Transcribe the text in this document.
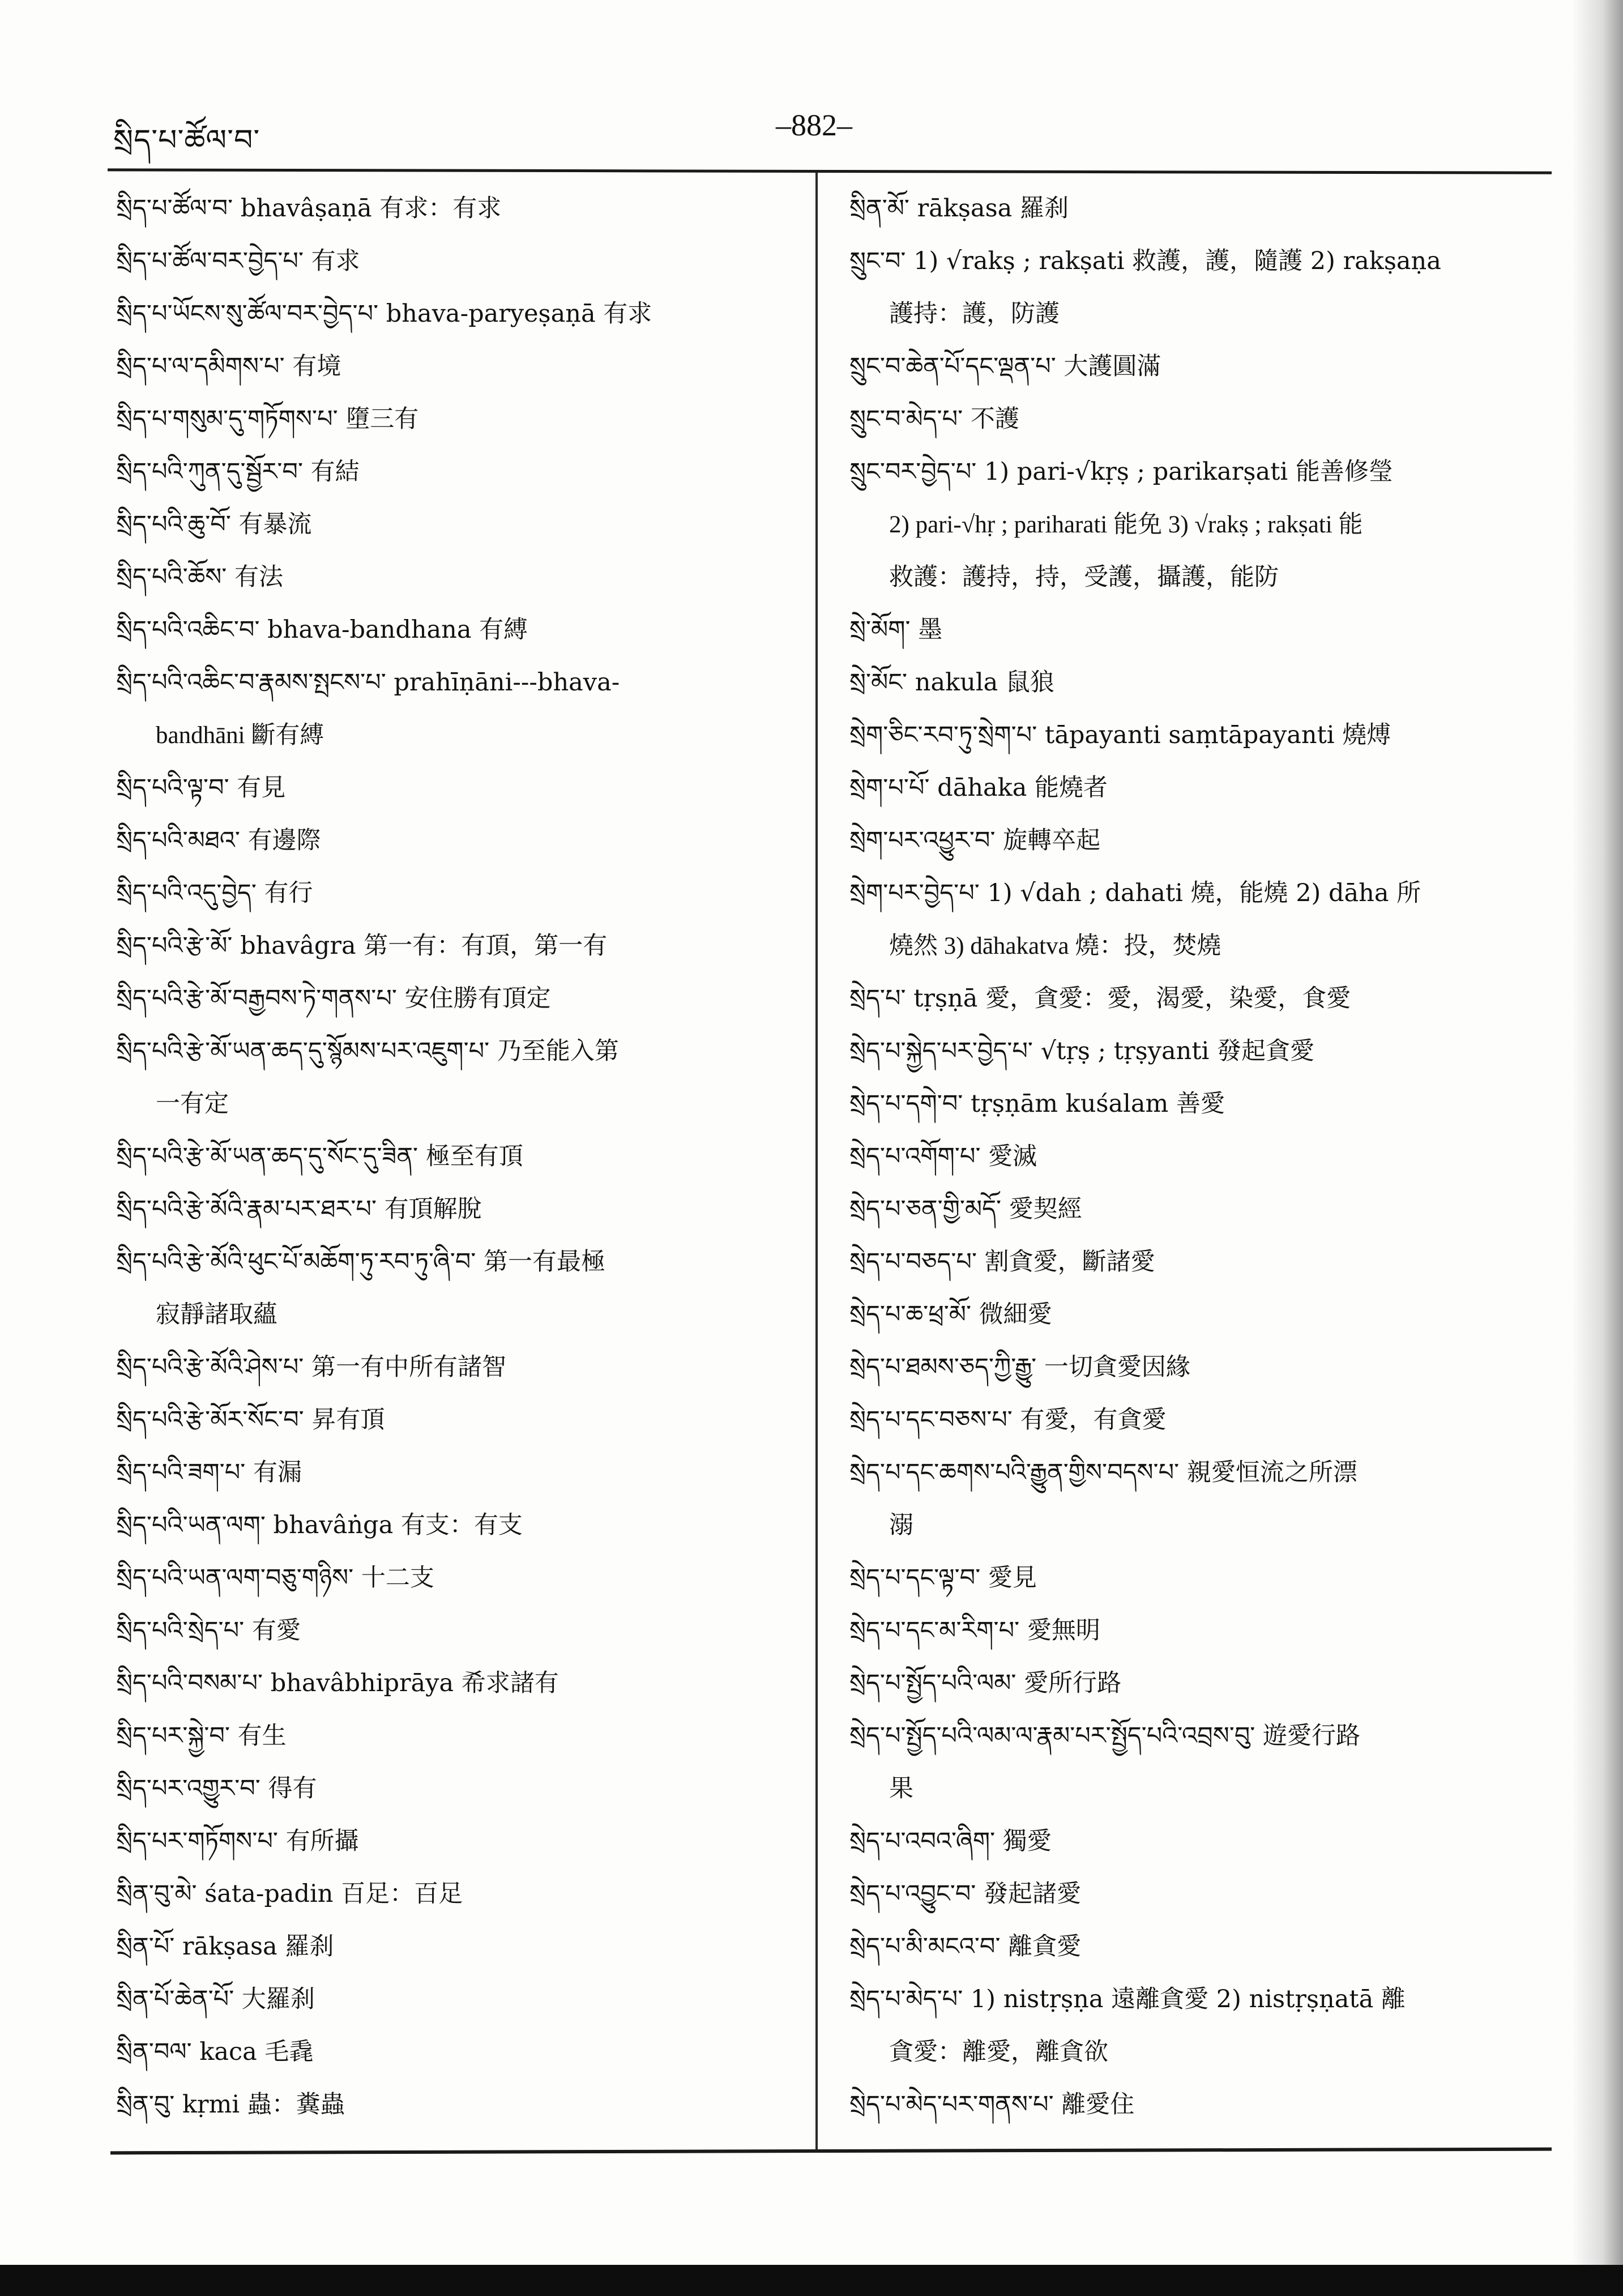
སྲིད་པ་ཚོལ་བ་	–882–
སྲིད་པ་ཚོལ་བ་ bhavâṣaṇā 有求：有求
སྲིད་པ་ཚོལ་བར་བྱེད་པ་ 有求
སྲིད་པ་ཡོངས་སུ་ཚོལ་བར་བྱེད་པ་ bhava-paryeṣaṇā 有求
སྲིད་པ་ལ་དམིགས་པ་ 有境
སྲིད་པ་གསུམ་དུ་གཏོགས་པ་ 墮三有
སྲིད་པའི་ཀུན་དུ་སྦྱོར་བ་ 有結
སྲིད་པའི་ཆུ་བོ་ 有暴流
སྲིད་པའི་ཆོས་ 有法
སྲིད་པའི་འཆིང་བ་ bhava-bandhana 有縛
སྲིད་པའི་འཆིང་བ་རྣམས་སྤངས་པ་ prahīṇāni---bhava-
bandhāni 斷有縛
སྲིད་པའི་ལྟ་བ་ 有見
སྲིད་པའི་མཐའ་ 有邊際
སྲིད་པའི་འདུ་བྱེད་ 有行
སྲིད་པའི་རྩེ་མོ་ bhavâgra 第一有：有頂，第一有
སྲིད་པའི་རྩེ་མོ་བརྒྱབས་ཏེ་གནས་པ་ 安住勝有頂定
སྲིད་པའི་རྩེ་མོ་ཡན་ཆད་དུ་སྙོམས་པར་འཇུག་པ་ 乃至能入第
一有定
སྲིད་པའི་རྩེ་མོ་ཡན་ཆད་དུ་སོང་དུ་ཟིན་ 極至有頂
སྲིད་པའི་རྩེ་མོའི་རྣམ་པར་ཐར་པ་ 有頂解脫
སྲིད་པའི་རྩེ་མོའི་ཕུང་པོ་མཆོག་ཏུ་རབ་ཏུ་ཞི་བ་ 第一有最極
寂靜諸取蘊
སྲིད་པའི་རྩེ་མོའི་ཤེས་པ་ 第一有中所有諸智
སྲིད་པའི་རྩེ་མོར་སོང་བ་ 昇有頂
སྲིད་པའི་ཟག་པ་ 有漏
སྲིད་པའི་ཡན་ལག་ bhavâṅga 有支：有支
སྲིད་པའི་ཡན་ལག་བཅུ་གཉིས་ 十二支
སྲིད་པའི་སྲེད་པ་ 有愛
སྲིད་པའི་བསམ་པ་ bhavâbhiprāya 希求諸有
སྲིད་པར་སྐྱེ་བ་ 有生
སྲིད་པར་འགྱུར་བ་ 得有
སྲིད་པར་གཏོགས་པ་ 有所攝
སྲིན་བུ་མེ་ śata-padin 百足：百足
སྲིན་པོ་ rākṣasa 羅刹
སྲིན་པོ་ཆེན་པོ་ 大羅刹
སྲིན་བལ་ kaca 毛毳
སྲིན་བུ་ kṛmi 蟲：糞蟲
སྲིན་མོ་ rākṣasa 羅刹
སྲུང་བ་ 1) √rakṣ ; rakṣati 救護，護，隨護 2) rakṣaṇa
護持：護，防護
སྲུང་བ་ཆེན་པོ་དང་ལྡན་པ་ 大護圓滿
སྲུང་བ་མེད་པ་ 不護
སྲུང་བར་བྱེད་པ་ 1) pari-√kṛṣ ; parikarṣati 能善修瑩
2) pari-√hṛ ; pariharati 能免 3) √rakṣ ; rakṣati 能
救護：護持，持，受護，攝護，能防
སྲེ་མོག་ 墨
སྲེ་མོང་ nakula 鼠狼
སྲེག་ཅིང་རབ་ཏུ་སྲེག་པ་ tāpayanti saṃtāpayanti 燒煿
སྲེག་པ་པོ་ dāhaka 能燒者
སྲེག་པར་འཕྱུར་བ་ 旋轉卒起
སྲེག་པར་བྱེད་པ་ 1) √dah ; dahati 燒，能燒 2) dāha 所
燒然 3) dāhakatva 燒：投，焚燒
སྲེད་པ་ tṛṣṇā 愛，貪愛：愛，渴愛，染愛，食愛
སྲེད་པ་སྐྱེད་པར་བྱེད་པ་ √tṛṣ ; tṛṣyanti 發起貪愛
སྲེད་པ་དགེ་བ་ tṛṣṇām kuśalam 善愛
སྲེད་པ་འགོག་པ་ 愛滅
སྲེད་པ་ཅན་གྱི་མདོ་ 愛契經
སྲེད་པ་བཅད་པ་ 割貪愛，斷諸愛
སྲེད་པ་ཆ་ཕྲ་མོ་ 微細愛
སྲེད་པ་ཐམས་ཅད་ཀྱི་རྒྱུ་ 一切貪愛因緣
སྲེད་པ་དང་བཅས་པ་ 有愛，有貪愛
སྲེད་པ་དང་ཆགས་པའི་རྒྱུན་གྱིས་བདས་པ་ 親愛恒流之所漂
溺
སྲེད་པ་དང་ལྟ་བ་ 愛見
སྲེད་པ་དང་མ་རིག་པ་ 愛無明
སྲེད་པ་སྤྱོད་པའི་ལམ་ 愛所行路
སྲེད་པ་སྤྱོད་པའི་ལམ་ལ་རྣམ་པར་སྤྱོད་པའི་འབྲས་བུ་ 遊愛行路
果
སྲེད་པ་འབའ་ཞིག་ 獨愛
སྲེད་པ་འབྱུང་བ་ 發起諸愛
སྲེད་པ་མི་མངའ་བ་ 離貪愛
སྲེད་པ་མེད་པ་ 1) nistṛṣṇa 遠離貪愛 2) nistṛṣṇatā 離
貪愛：離愛，離貪欲
སྲེད་པ་མེད་པར་གནས་པ་ 離愛住
